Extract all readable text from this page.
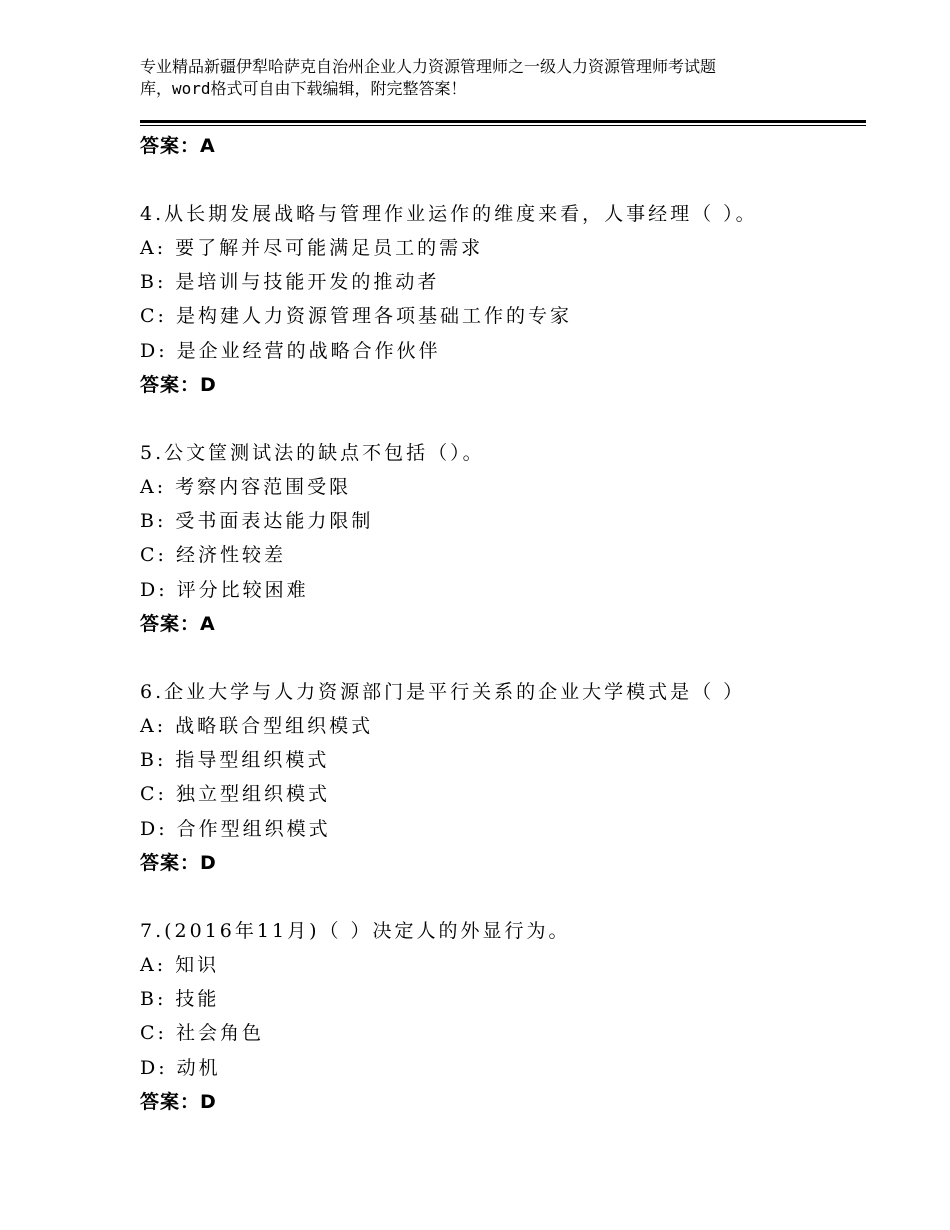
专业精品新疆伊犁哈萨克自治州企业人力资源管理师之一级人力资源管理师考试题
库，word格式可自由下载编辑，附完整答案！
答案：A
4.从长期发展战略与管理作业运作的维度来看，人事经理（ ）。
A: 要了解并尽可能满足员工的需求
B: 是培训与技能开发的推动者
C: 是构建人力资源管理各项基础工作的专家
D: 是企业经营的战略合作伙伴
答案：D
5.公文筐测试法的缺点不包括（）。
A: 考察内容范围受限
B: 受书面表达能力限制
C: 经济性较差
D: 评分比较困难
答案：A
6.企业大学与人力资源部门是平行关系的企业大学模式是（ ）
A: 战略联合型组织模式
B: 指导型组织模式
C: 独立型组织模式
D: 合作型组织模式
答案：D
7.(2016年11月)（ ）决定人的外显行为。
A: 知识
B: 技能
C: 社会角色
D: 动机
答案：D
